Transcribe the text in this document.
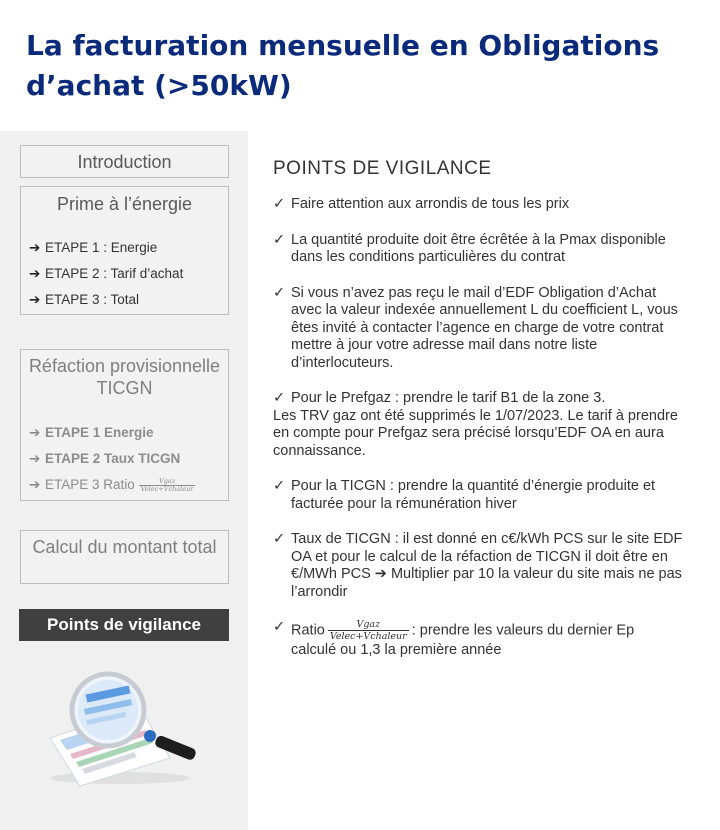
La facturation mensuelle en Obligations d’achat (>50kW)
Introduction
Prime à l’énergie
➔ ETAPE 1 : Energie
➔ ETAPE 2 : Tarif d’achat
➔ ETAPE 3 : Total
Réfaction provisionnelle TICGN
➔ ETAPE 1 Energie
➔ ETAPE 2 Taux TICGN
➔ ETAPE 3 Ratio $\frac{\text{Vgaz}}{\text{Velec+Vchaleur}}$
Calcul du montant total
Points de vigilance
POINTS DE VIGILANCE
✓ Faire attention aux arrondis de tous les prix
✓ La quantité produite doit être écrêtée à la Pmax disponible dans les conditions particulières du contrat
✓ Si vous n’avez pas reçu le mail d’EDF Obligation d’Achat avec la valeur indexée annuellement L du coefficient L, vous êtes invité à contacter l’agence en charge de votre contrat mettre à jour votre adresse mail dans notre liste d’interlocuteurs.
✓ Pour le Prefgaz : prendre le tarif B1 de la zone 3.
Les TRV gaz ont été supprimés le 1/07/2023. Le tarif à prendre en compte pour Prefgaz sera précisé lorsqu’EDF OA en aura connaissance.
✓ Pour la TICGN : prendre la quantité d’énergie produite et facturée pour la rémunération hiver
✓ Taux de TICGN : il est donné en c€/kWh PCS sur le site EDF OA et pour le calcul de la réfaction de TICGN il doit être en €/MWh PCS ➔ Multiplier par 10 la valeur du site mais ne pas l’arrondir
✓ Ratio $\frac{\text{Vgaz}}{\text{Velec+Vchaleur}}$ : prendre les valeurs du dernier Ep calculé ou 1,3 la première année
